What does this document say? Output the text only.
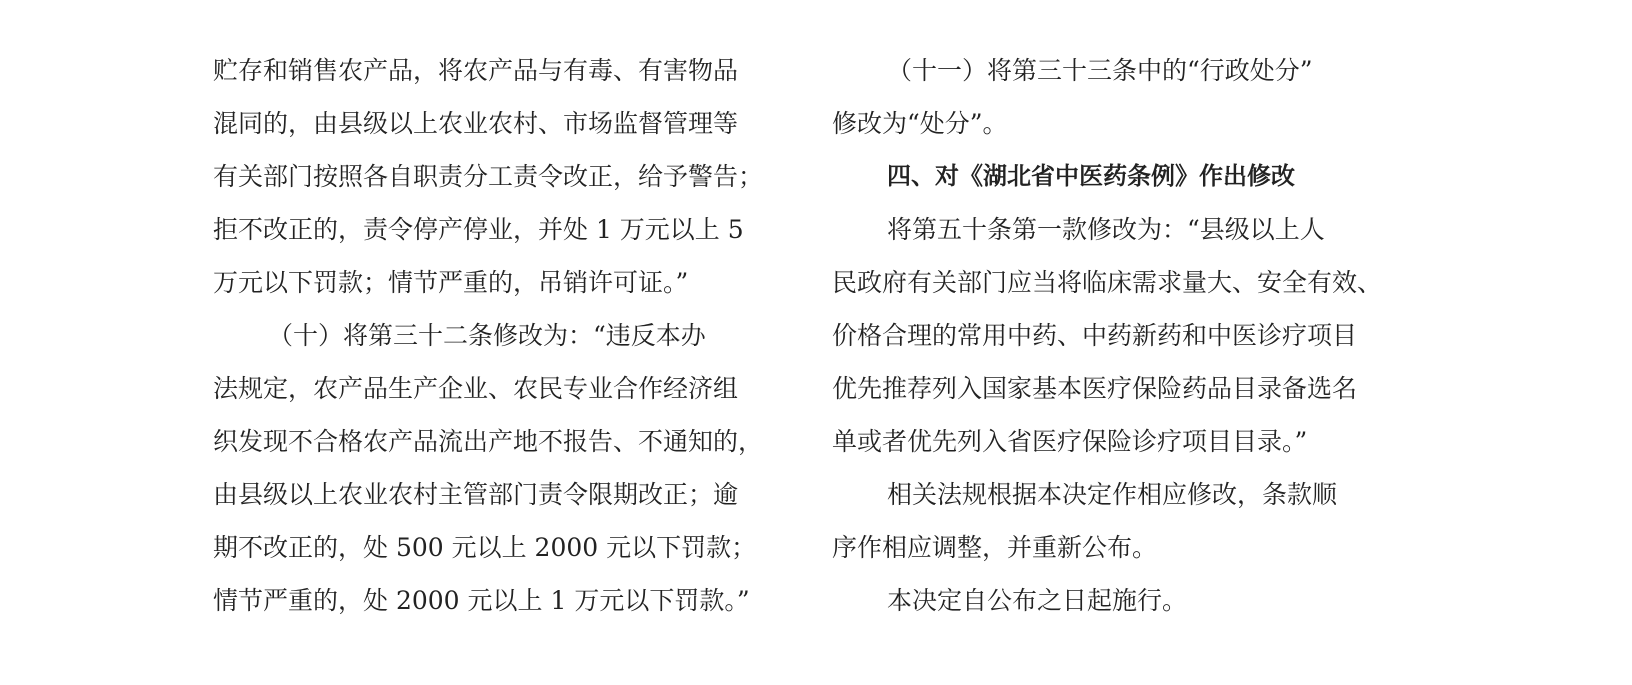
贮存和销售农产品，将农产品与有毒、有害物品
混同的，由县级以上农业农村、市场监督管理等
有关部门按照各自职责分工责令改正，给予警告；
拒不改正的，责令停产停业，并处 1 万元以上 5
万元以下罚款；情节严重的，吊销许可证。”
（十）将第三十二条修改为：“违反本办
法规定，农产品生产企业、农民专业合作经济组
织发现不合格农产品流出产地不报告、不通知的，
由县级以上农业农村主管部门责令限期改正；逾
期不改正的，处 500 元以上 2000 元以下罚款；
情节严重的，处 2000 元以上 1 万元以下罚款。”
（十一）将第三十三条中的“行政处分”
修改为“处分”。
四、对《湖北省中医药条例》作出修改
将第五十条第一款修改为：“县级以上人
民政府有关部门应当将临床需求量大、安全有效、
价格合理的常用中药、中药新药和中医诊疗项目
优先推荐列入国家基本医疗保险药品目录备选名
单或者优先列入省医疗保险诊疗项目目录。”
相关法规根据本决定作相应修改，条款顺
序作相应调整，并重新公布。
本决定自公布之日起施行。
